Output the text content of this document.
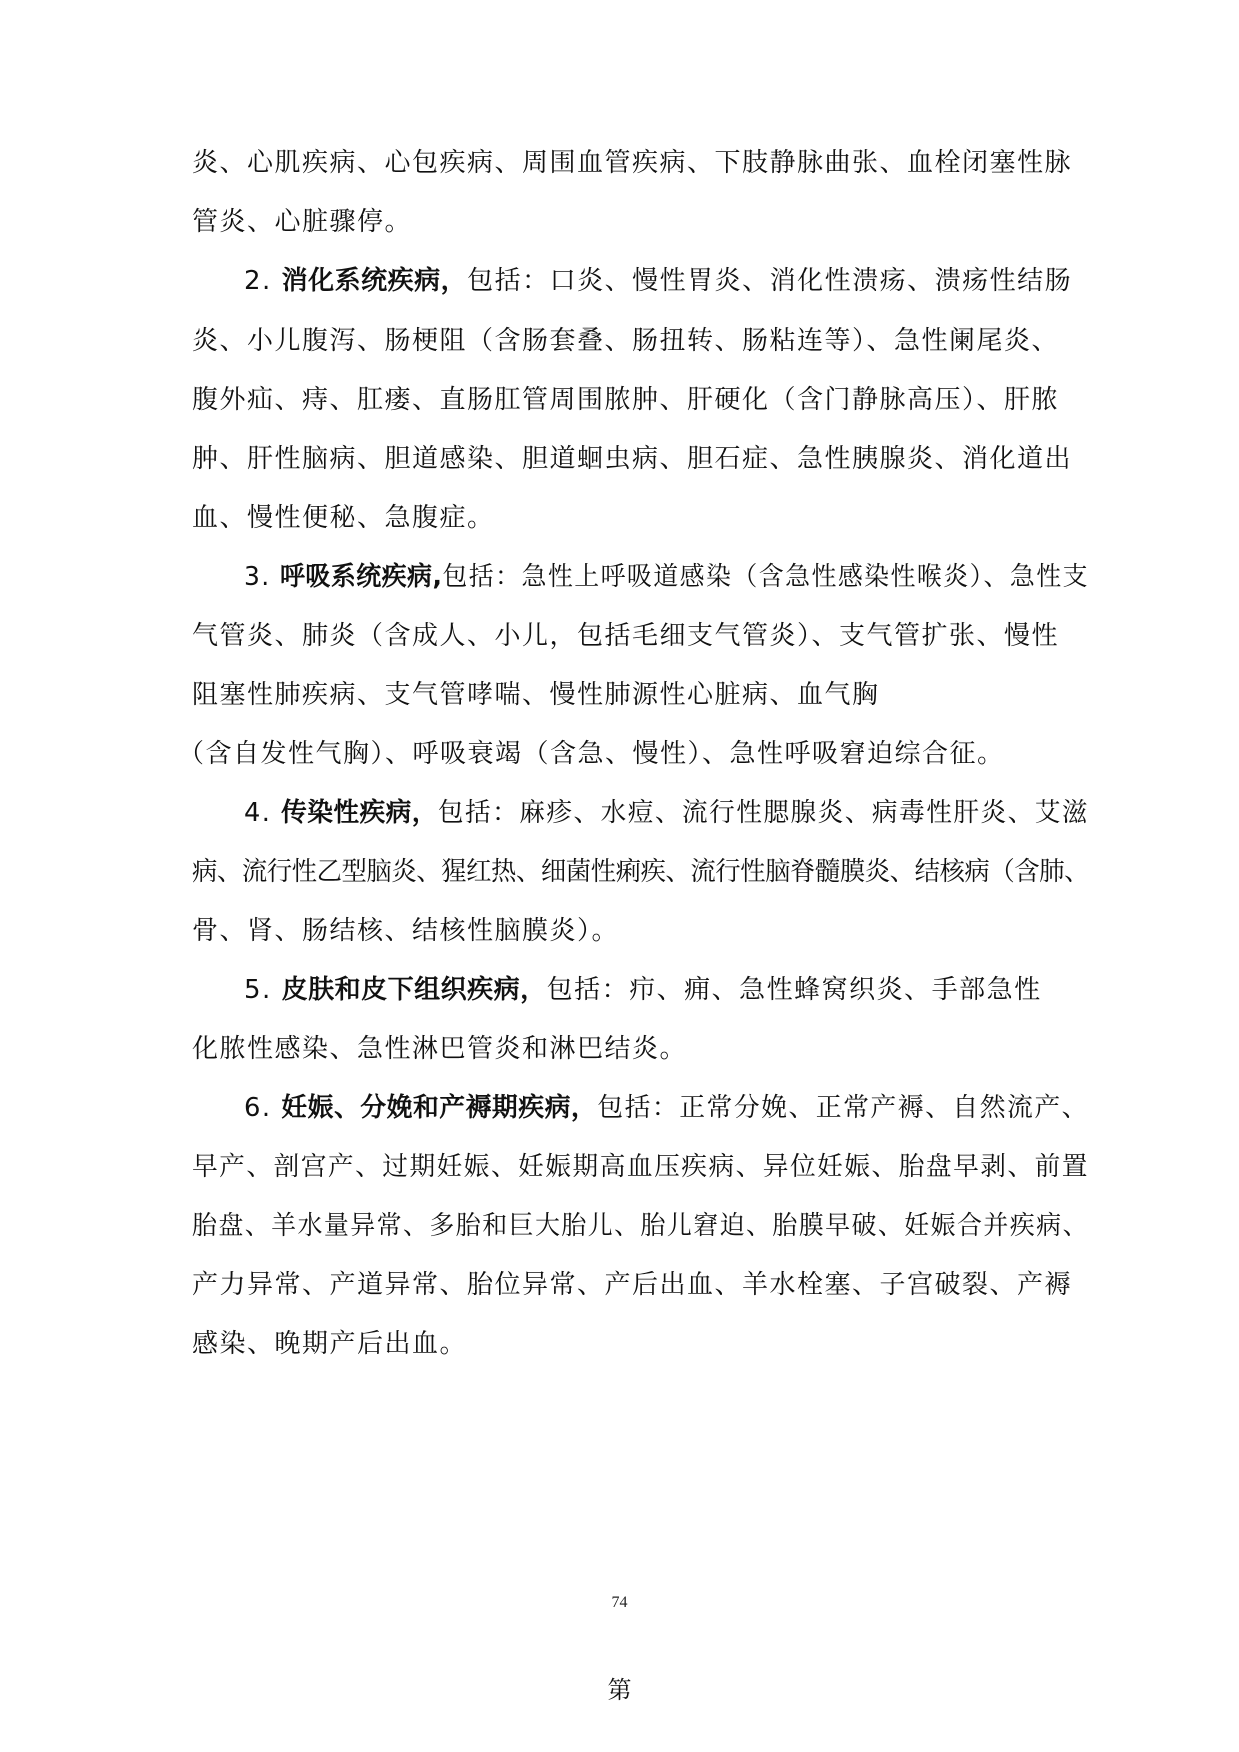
炎、心肌疾病、心包疾病、周围血管疾病、下肢静脉曲张、血栓闭塞性脉
管炎、心脏骤停。
2. 消化系统疾病，包括：口炎、慢性胃炎、消化性溃疡、溃疡性结肠
炎、小儿腹泻、肠梗阻（含肠套叠、肠扭转、肠粘连等）、急性阑尾炎、
腹外疝、痔、肛瘘、直肠肛管周围脓肿、肝硬化（含门静脉高压）、肝脓
肿、肝性脑病、胆道感染、胆道蛔虫病、胆石症、急性胰腺炎、消化道出
血、慢性便秘、急腹症。
3. 呼吸系统疾病,包括：急性上呼吸道感染（含急性感染性喉炎）、急性支
气管炎、肺炎（含成人、小儿，包括毛细支气管炎）、支气管扩张、慢性
阻塞性肺疾病、支气管哮喘、慢性肺源性心脏病、血气胸
（含自发性气胸）、呼吸衰竭（含急、慢性）、急性呼吸窘迫综合征。
4. 传染性疾病，包括：麻疹、水痘、流行性腮腺炎、病毒性肝炎、艾滋
病、流行性乙型脑炎、猩红热、细菌性痢疾、流行性脑脊髓膜炎、结核病（含肺、
骨、肾、肠结核、结核性脑膜炎）。
5. 皮肤和皮下组织疾病，包括：疖、痈、急性蜂窝织炎、手部急性
化脓性感染、急性淋巴管炎和淋巴结炎。
6. 妊娠、分娩和产褥期疾病，包括：正常分娩、正常产褥、自然流产、
早产、剖宫产、过期妊娠、妊娠期高血压疾病、异位妊娠、胎盘早剥、前置
胎盘、羊水量异常、多胎和巨大胎儿、胎儿窘迫、胎膜早破、妊娠合并疾病、
产力异常、产道异常、胎位异常、产后出血、羊水栓塞、子宫破裂、产褥
感染、晚期产后出血。
74
第
